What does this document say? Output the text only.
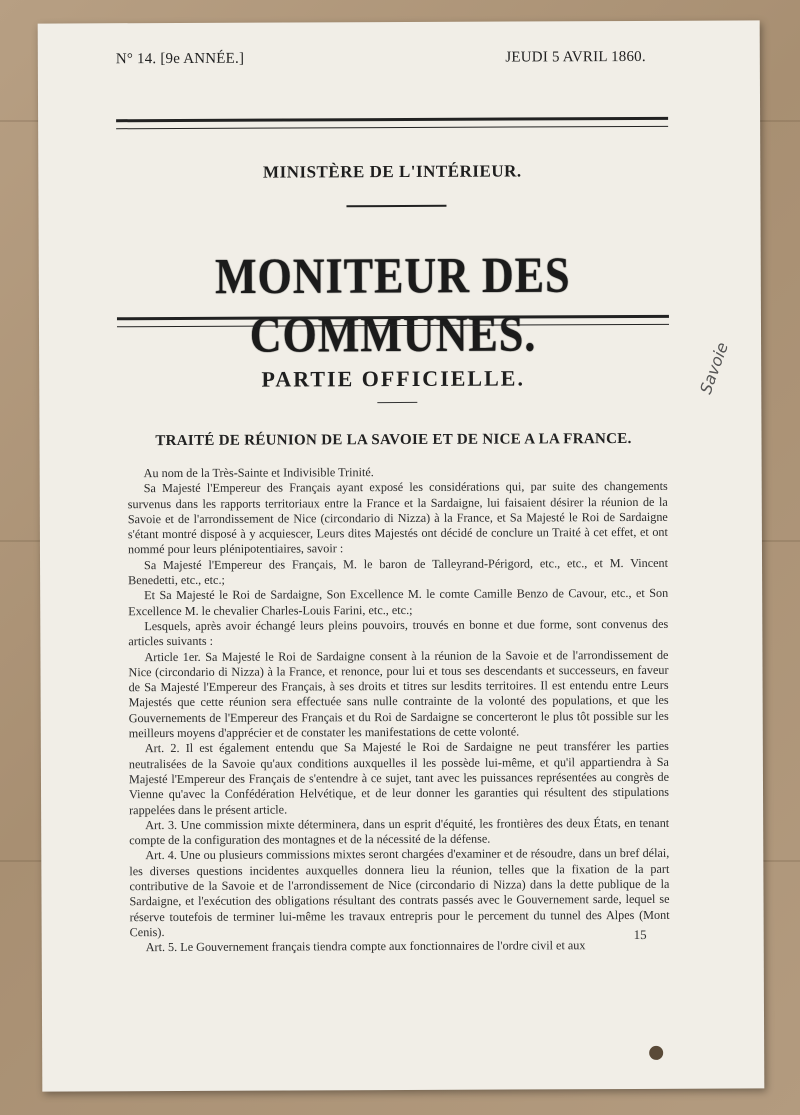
N° 14. [9e ANNÉE.]	JEUDI 5 AVRIL 1860.
MINISTÈRE DE L'INTÉRIEUR.
MONITEUR DES COMMUNES.
PARTIE OFFICIELLE.
TRAITÉ DE RÉUNION DE LA SAVOIE ET DE NICE A LA FRANCE.

Au nom de la Très-Sainte et Indivisible Trinité.

Sa Majesté l'Empereur des Français ayant exposé les considérations qui, par suite des changements survenus dans les rapports territoriaux entre la France et la Sardaigne, lui faisaient désirer la réunion de la Savoie et de l'arrondissement de Nice (circondario di Nizza) à la France, et Sa Majesté le Roi de Sardaigne s'étant montré disposé à y acquiescer, Leurs dites Majestés ont décidé de conclure un Traité à cet effet, et ont nommé pour leurs plénipotentiaires, savoir :

Sa Majesté l'Empereur des Français, M. le baron de Talleyrand-Périgord, etc., etc., et M. Vincent Benedetti, etc., etc.;

Et Sa Majesté le Roi de Sardaigne, Son Excellence M. le comte Camille Benzo de Cavour, etc., et Son Excellence M. le chevalier Charles-Louis Farini, etc., etc.;

Lesquels, après avoir échangé leurs pleins pouvoirs, trouvés en bonne et due forme, sont convenus des articles suivants :

Article 1er. Sa Majesté le Roi de Sardaigne consent à la réunion de la Savoie et de l'arrondissement de Nice (circondario di Nizza) à la France, et renonce, pour lui et tous ses descendants et successeurs, en faveur de Sa Majesté l'Empereur des Français, à ses droits et titres sur lesdits territoires. Il est entendu entre Leurs Majestés que cette réunion sera effectuée sans nulle contrainte de la volonté des populations, et que les Gouvernements de l'Empereur des Français et du Roi de Sardaigne se concerteront le plus tôt possible sur les meilleurs moyens d'apprécier et de constater les manifestations de cette volonté.

Art. 2. Il est également entendu que Sa Majesté le Roi de Sardaigne ne peut transférer les parties neutralisées de la Savoie qu'aux conditions auxquelles il les possède lui-même, et qu'il appartiendra à Sa Majesté l'Empereur des Français de s'entendre à ce sujet, tant avec les puissances représentées au congrès de Vienne qu'avec la Confédération Helvétique, et de leur donner les garanties qui résultent des stipulations rappelées dans le présent article.

Art. 3. Une commission mixte déterminera, dans un esprit d'équité, les frontières des deux États, en tenant compte de la configuration des montagnes et de la nécessité de la défense.

Art. 4. Une ou plusieurs commissions mixtes seront chargées d'examiner et de résoudre, dans un bref délai, les diverses questions incidentes auxquelles donnera lieu la réunion, telles que la fixation de la part contributive de la Savoie et de l'arrondissement de Nice (circondario di Nizza) dans la dette publique de la Sardaigne, et l'exécution des obligations résultant des contrats passés avec le Gouvernement sarde, lequel se réserve toutefois de terminer lui-même les travaux entrepris pour le percement du tunnel des Alpes (Mont Cenis).

Art. 5. Le Gouvernement français tiendra compte aux fonctionnaires de l'ordre civil et aux

15
Savoie
